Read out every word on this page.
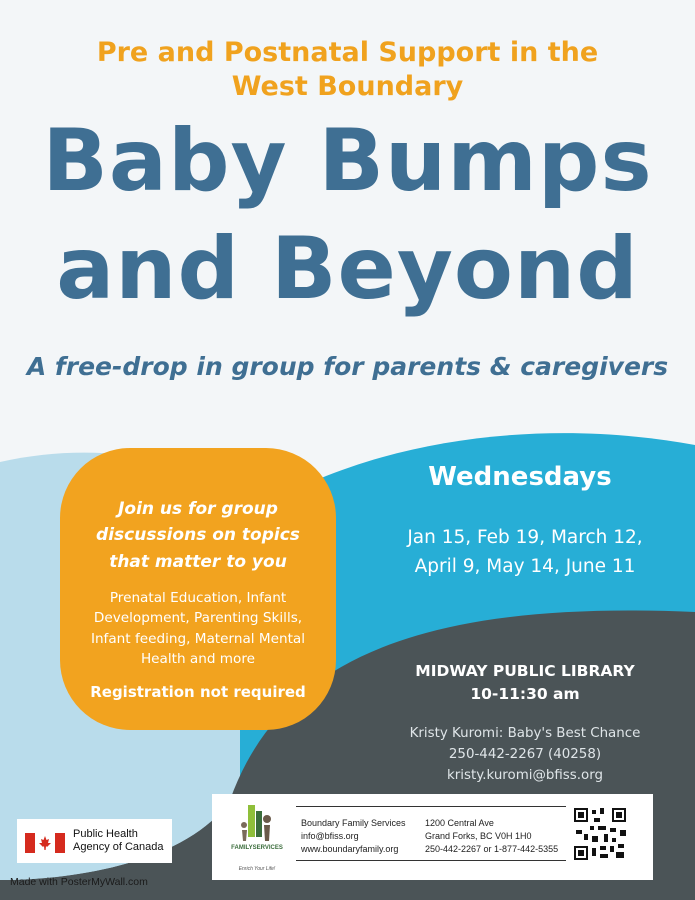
Pre and Postnatal Support in the
West Boundary
Baby Bumps
and Beyond
A free-drop in group for parents & caregivers
Join us for group
discussions on topics
that matter to you
Prenatal Education, Infant
Development, Parenting Skills,
Infant feeding, Maternal Mental
Health and more
Registration not required
Wednesdays
Jan 15, Feb 19, March 12,
April 9, May 14, June 11
MIDWAY PUBLIC LIBRARY
10-11:30 am
Kristy Kuromi: Baby's Best Chance
250-442-2267 (40258)
kristy.kuromi@bfiss.org
Public Health
Agency of Canada	FAMILYSERVICES
Enrich Your Life!
Boundary Family Services
info@bfiss.org
www.boundaryfamily.org
1200 Central Ave
Grand Forks, BC V0H 1H0
250-442-2267 or 1-877-442-5355
Made with PosterMyWall.com
